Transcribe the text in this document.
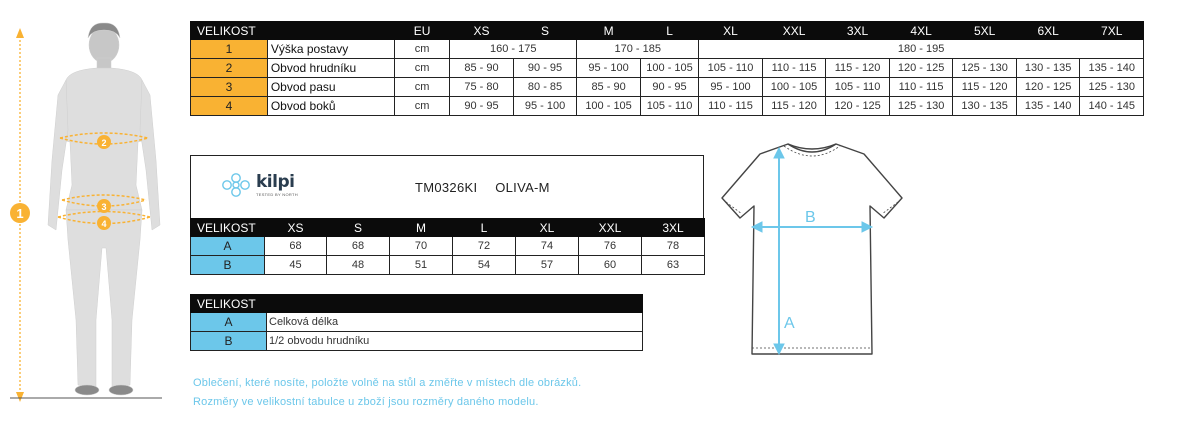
1
2
3
4
VELIKOST		EU	XS	S	M	L	XL	XXL	3XL	4XL	5XL	6XL	7XL
1	Výška postavy	cm	160 - 175		170 - 185		180 - 195						
2	Obvod hrudníku	cm	85 - 90	90 - 95	95 - 100	100 - 105	105 - 110	110 - 115	115 - 120	120 - 125	125 - 130	130 - 135	135 - 140
3	Obvod pasu	cm	75 - 80	80 - 85	85 - 90	90 - 95	95 - 100	100 - 105	105 - 110	110 - 115	115 - 120	120 - 125	125 - 130
4	Obvod boků	cm	90 - 95	95 - 100	100 - 105	105 - 110	110 - 115	115 - 120	120 - 125	125 - 130	130 - 135	135 - 140	140 - 145
kilpi
TESTED BY NORTH	TM0326KI OLIVA-M
VELIKOST	XS	S	M	L	XL	XXL	3XL
A	68	68	70	72	74	76	78
B	45	48	51	54	57	60	63
VELIKOST	
A	Celková délka
B	1/2 obvodu hrudníku
Oblečení, které nosíte, položte volně na stůl a změřte v místech dle obrázků.
Rozměry ve velikostní tabulce u zboží jsou rozměry daného modelu.
A
B
